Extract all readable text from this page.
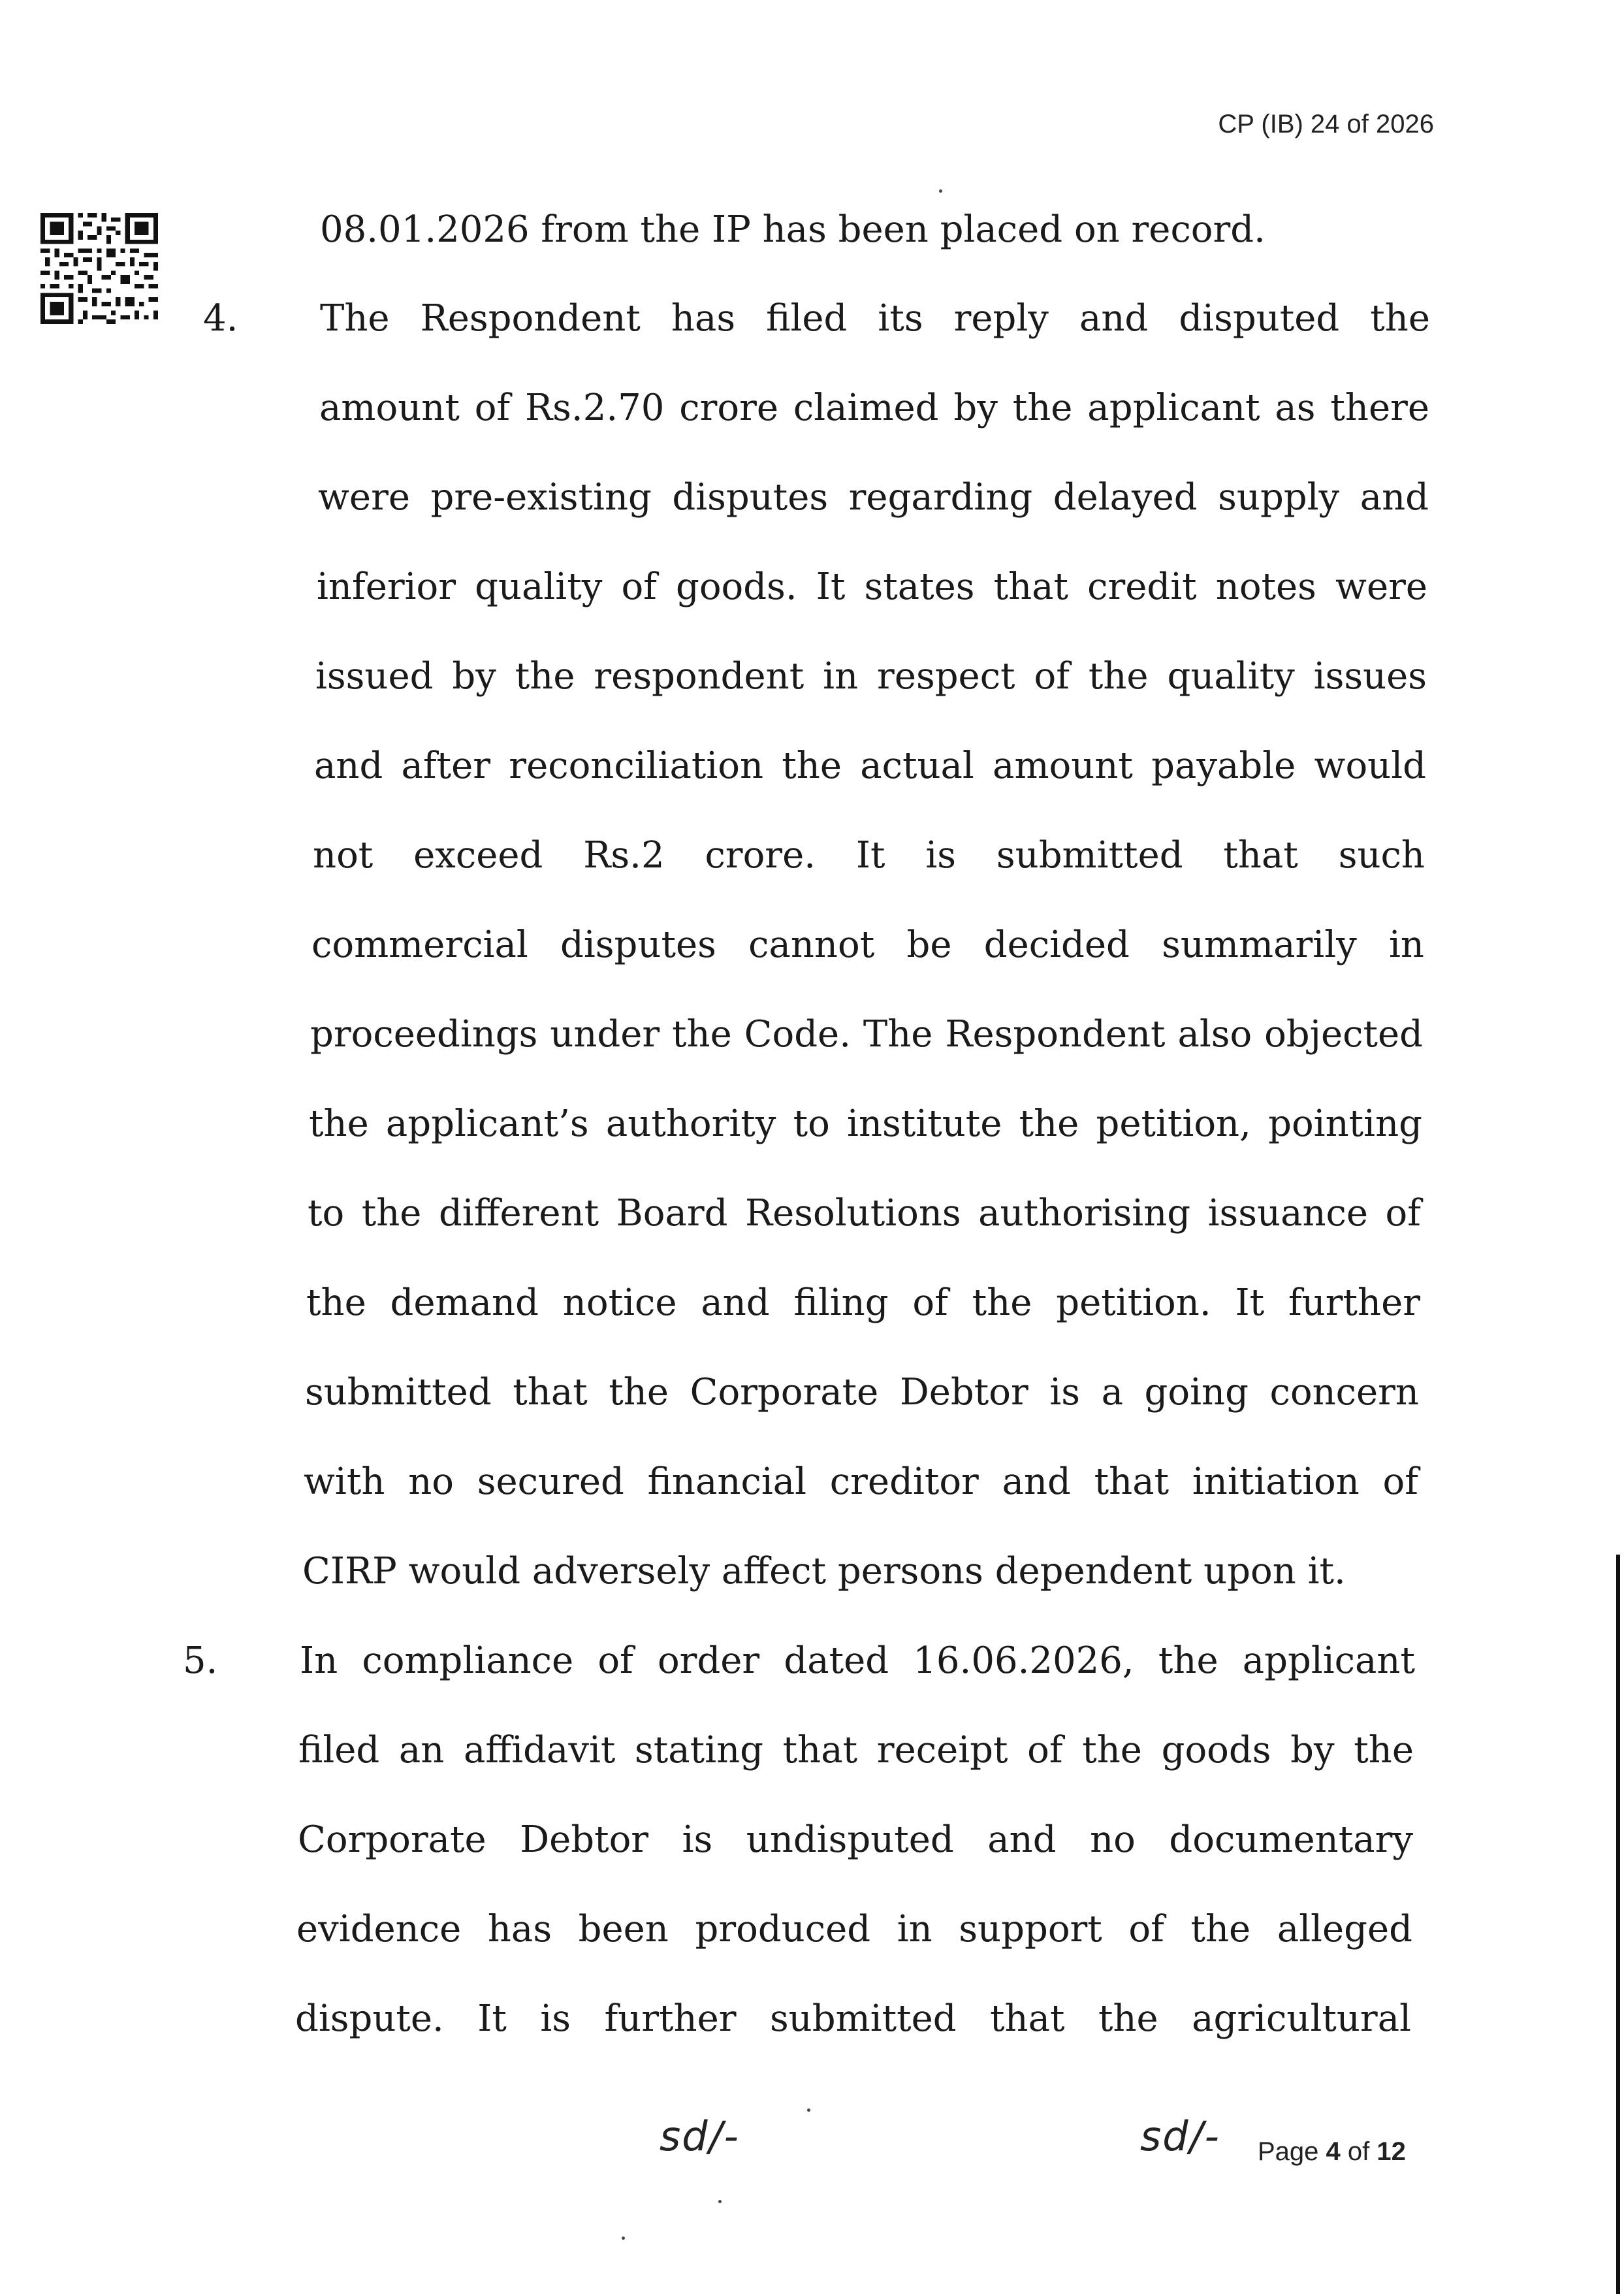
CP (IB) 24 of 2026
08.01.2026 from the IP has been placed on record.
4. The Respondent has filed its reply and disputed the
amount of Rs.2.70 crore claimed by the applicant as there
were pre-existing disputes regarding delayed supply and
inferior quality of goods. It states that credit notes were
issued by the respondent in respect of the quality issues
and after reconciliation the actual amount payable would
not exceed Rs.2 crore. It is submitted that such
commercial disputes cannot be decided summarily in
proceedings under the Code. The Respondent also objected
the applicant’s authority to institute the petition, pointing
to the different Board Resolutions authorising issuance of
the demand notice and filing of the petition. It further
submitted that the Corporate Debtor is a going concern
with no secured financial creditor and that initiation of
CIRP would adversely affect persons dependent upon it.
5. In compliance of order dated 16.06.2026, the applicant
filed an affidavit stating that receipt of the goods by the
Corporate Debtor is undisputed and no documentary
evidence has been produced in support of the alleged
dispute. It is further submitted that the agricultural
sd/-	sd/- Page 4 of 12
